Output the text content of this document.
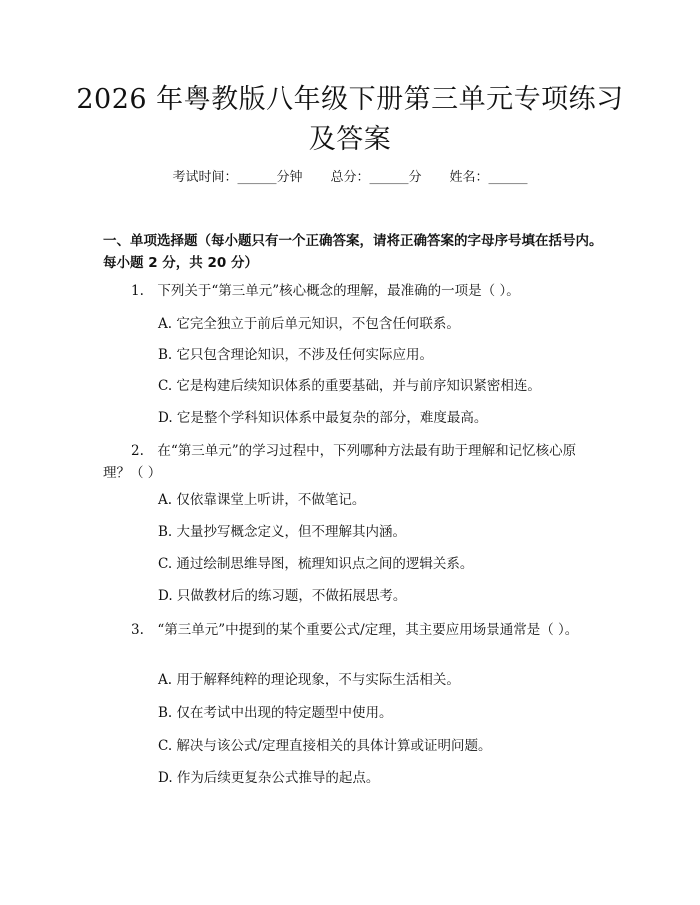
2026 年粤教版八年级下册第三单元专项练习
及答案
考试时间：______分钟 总分：______分 姓名：______
一、单项选择题（每小题只有一个正确答案，请将正确答案的字母序号填在括号内。每小题 2 分，共 20 分）
1.　下列关于“第三单元”核心概念的理解，最准确的一项是（ ）。
A. 它完全独立于前后单元知识，不包含任何联系。
B. 它只包含理论知识，不涉及任何实际应用。
C. 它是构建后续知识体系的重要基础，并与前序知识紧密相连。
D. 它是整个学科知识体系中最复杂的部分，难度最高。
2.　在“第三单元”的学习过程中，下列哪种方法最有助于理解和记忆核心原理？（ ）
A. 仅依靠课堂上听讲，不做笔记。
B. 大量抄写概念定义，但不理解其内涵。
C. 通过绘制思维导图，梳理知识点之间的逻辑关系。
D. 只做教材后的练习题，不做拓展思考。
3.　“第三单元”中提到的某个重要公式/定理，其主要应用场景通常是（ ）。
A. 用于解释纯粹的理论现象，不与实际生活相关。
B. 仅在考试中出现的特定题型中使用。
C. 解决与该公式/定理直接相关的具体计算或证明问题。
D. 作为后续更复杂公式推导的起点。
